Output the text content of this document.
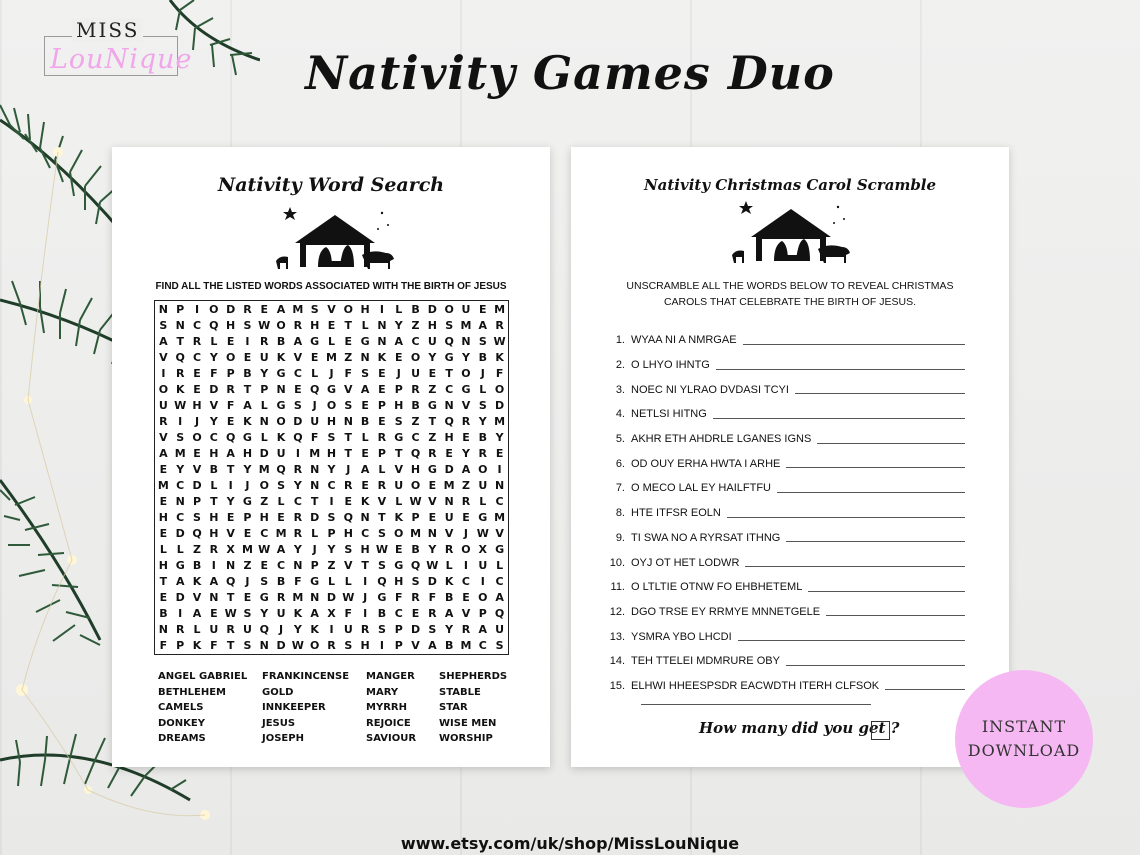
MISS
LouNique	Nativity Games Duo
Nativity Word Search
FIND ALL THE LISTED WORDS ASSOCIATED WITH THE BIRTH OF JESUS
N P I O D R E A M S V O H I	L B D O U E M
S N C Q H S W O R H E T L N Y Z H S M A R
A T R L E	I R B A G L E G N A C U Q N S W
V Q C Y O E U K V E M Z N K E O Y G Y B K
I R E F P B Y G C L	J	F S E	J U E T O J	F
O K E D R T P N E Q G V A E P R Z C G L O
U W H V F A L G S J O S E P H B G N V S D
R I	J Y E K N O D U H N B E S Z T Q R Y M
V S O C Q G L K Q F S T L R G C Z H E B Y
A M E H A H D U I M H T E P T Q R E Y R E
E Y V B T Y M Q R N Y J A L V H G D A O I
M C D L	I	J O S Y N C R E R U O E M Z U N
E N P T Y G Z L C T	I	E K V L W V N R L C
H C S H E P H E R D S Q N T K P E U E G M
E D Q H V E C M R L P H C S O M N V J W V
L L Z R X M W A Y J Y S H W E B Y R O X G
H G B I N Z E C N P Z V T S G Q W L	I U L
T A K A Q J S B F G L L	I Q H S D K C I C
E D V N T E G R M N D W J G F R F B E O A
B I A E W S Y U K A X F	I B C E R A V P Q
N R L U R U Q J Y K I U R S P D S Y R A U
F P K F T S N D W O R S H I P V A B M C S
ANGEL GABRIEL
BETHLEHEM
CAMELS
DONKEY
DREAMS
FRANKINCENSE
GOLD
INNKEEPER
JESUS
JOSEPH
MANGER
MARY
MYRRH
REJOICE
SAVIOUR
SHEPHERDS
STABLE
STAR
WISE MEN
WORSHIP
Nativity Christmas Carol Scramble
UNSCRAMBLE ALL THE WORDS BELOW TO REVEAL CHRISTMAS
CAROLS THAT CELEBRATE THE BIRTH OF JESUS.
1. WYAA NI A NMRGAE
2. O LHYO IHNTG
3. NOEC NI YLRAO DVDASI TCYI
4. NETLSI HITNG
5. AKHR ETH AHDRLE LGANES IGNS
6. OD OUY ERHA HWTA I ARHE
7. O MECO LAL EY HAILFTFU
8. HTE ITFSR EOLN
9. TI SWA NO A RYRSAT ITHNG
10. OYJ OT HET LODWR
11. O LTLTIE OTNW FO EHBHETEML
12. DGO TRSE EY RRMYE MNNETGELE
13. YSMRA YBO LHCDI
14. TEH TTELEI MDMRURE OBY
15. ELHWI HHEESPSDR EACWDTH ITERH CLFSOK
How many did you get ?	INSTANT
DOWNLOAD
www.etsy.com/uk/shop/MissLouNique
